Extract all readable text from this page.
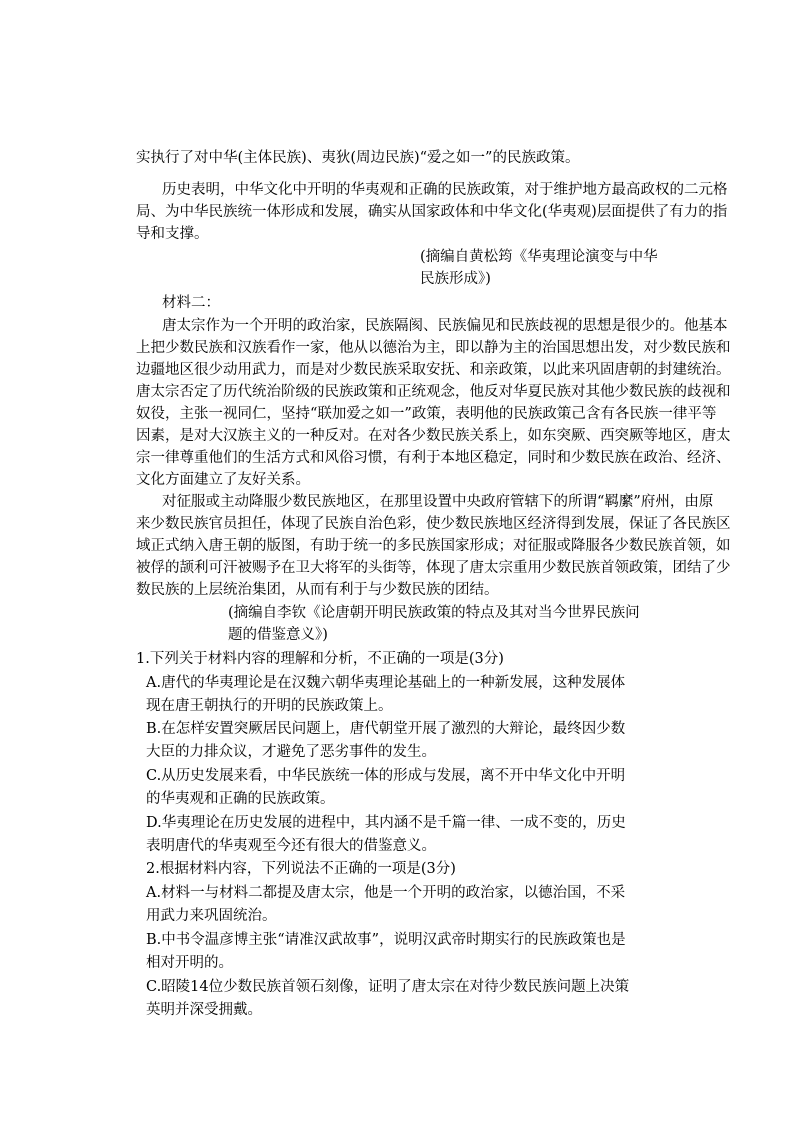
实执行了对中华(主体民族)、夷狄(周边民族)“爱之如一”的民族政策。
历史表明，中华文化中开明的华夷观和正确的民族政策，对于维护地方最高政权的二元格
局、为中华民族统一体形成和发展，确实从国家政体和中华文化(华夷观)层面提供了有力的指
导和支撑。
(摘编自黄松筠《华夷理论演变与中华
民族形成》)
材料二：
唐太宗作为一个开明的政治家，民族隔阂、民族偏见和民族歧视的思想是很少的。他基本
上把少数民族和汉族看作一家，他从以德治为主，即以静为主的治国思想出发，对少数民族和
边疆地区很少动用武力，而是对少数民族采取安抚、和亲政策，以此来巩固唐朝的封建统治。
唐太宗否定了历代统治阶级的民族政策和正统观念，他反对华夏民族对其他少数民族的歧视和
奴役，主张一视同仁，坚持“联加爱之如一”政策，表明他的民族政策己含有各民族一律平等
因素，是对大汉族主义的一种反对。在对各少数民族关系上，如东突厥、西突厥等地区，唐太
宗一律尊重他们的生活方式和风俗习惯，有利于本地区稳定，同时和少数民族在政治、经济、
文化方面建立了友好关系。
对征服或主动降服少数民族地区，在那里设置中央政府管辖下的所谓“羁縻”府州，由原
来少数民族官员担任，体现了民族自治色彩，使少数民族地区经济得到发展，保证了各民族区
域正式纳入唐王朝的版图，有助于统一的多民族国家形成；对征服或降服各少数民族首领，如
被俘的颉利可汗被赐予在卫大将军的头街等，体现了唐太宗重用少数民族首领政策，团结了少
数民族的上层统治集团，从而有利于与少数民族的团结。
(摘编自李钦《论唐朝开明民族政策的特点及其对当今世界民族问
题的借鉴意义》)
1.下列关于材料内容的理解和分析，不正确的一项是(3分)
A.唐代的华夷理论是在汉魏六朝华夷理论基础上的一种新发展，这种发展体
现在唐王朝执行的开明的民族政策上。
B.在怎样安置突厥居民问题上，唐代朝堂开展了激烈的大辩论，最终因少数
大臣的力排众议，才避免了恶劣事件的发生。
C.从历史发展来看，中华民族统一体的形成与发展，离不开中华文化中开明
的华夷观和正确的民族政策。
D.华夷理论在历史发展的进程中，其内涵不是千篇一律、一成不变的，历史
表明唐代的华夷观至今还有很大的借鉴意义。
2.根据材料内容，下列说法不正确的一项是(3分)
A.材料一与材料二都提及唐太宗，他是一个开明的政治家，以德治国，不采
用武力来巩固统治。
B.中书令温彦博主张“请准汉武故事”，说明汉武帝时期实行的民族政策也是
相对开明的。
C.昭陵14位少数民族首领石刻像，证明了唐太宗在对待少数民族问题上决策
英明并深受拥戴。
